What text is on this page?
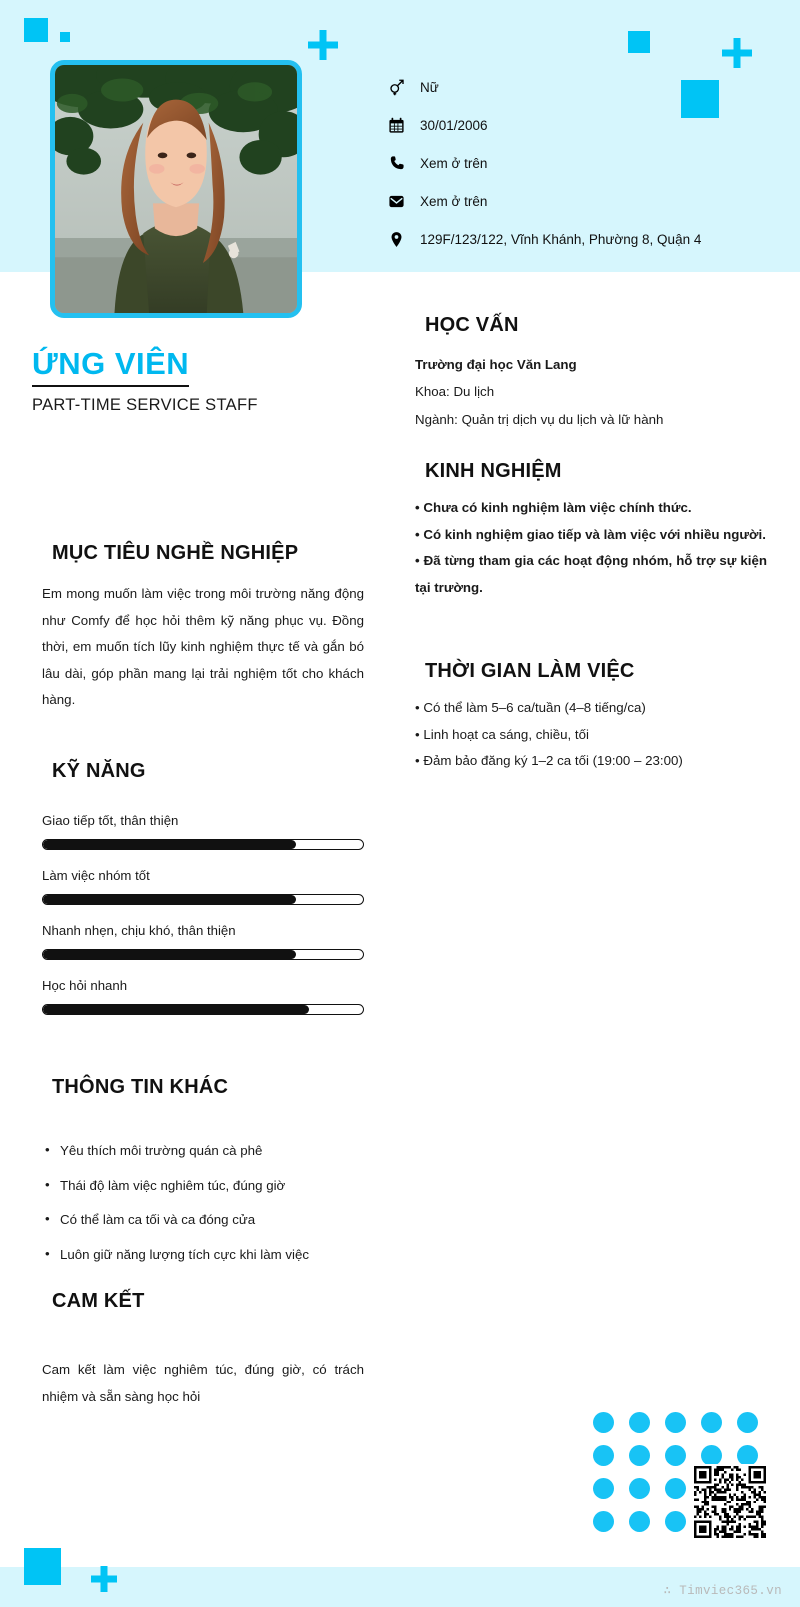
Nữ
30/01/2006
Xem ở trên
Xem ở trên
129F/123/122, Vĩnh Khánh, Phường 8, Quận 4
ỨNG VIÊN
PART-TIME SERVICE STAFF
MỤC TIÊU NGHỀ NGHIỆP
Em mong muốn làm việc trong môi trường năng động như Comfy để học hỏi thêm kỹ năng phục vụ. Đồng thời, em muốn tích lũy kinh nghiệm thực tế và gắn bó lâu dài, góp phần mang lại trải nghiệm tốt cho khách hàng.
KỸ NĂNG
Giao tiếp tốt, thân thiện
Làm việc nhóm tốt
Nhanh nhẹn, chịu khó, thân thiện
Học hỏi nhanh
THÔNG TIN KHÁC
• Yêu thích môi trường quán cà phê
• Thái độ làm việc nghiêm túc, đúng giờ
• Có thể làm ca tối và ca đóng cửa
• Luôn giữ năng lượng tích cực khi làm việc
CAM KẾT
Cam kết làm việc nghiêm túc, đúng giờ, có trách nhiệm và sẵn sàng học hỏi
HỌC VẤN
Trường đại học Văn Lang
Khoa: Du lịch
Ngành: Quản trị dịch vụ du lịch và lữ hành
KINH NGHIỆM
• Chưa có kinh nghiệm làm việc chính thức.
• Có kinh nghiệm giao tiếp và làm việc với nhiều người.
• Đã từng tham gia các hoạt động nhóm, hỗ trợ sự kiện tại trường.
THỜI GIAN LÀM VIỆC
• Có thể làm 5–6 ca/tuần (4–8 tiếng/ca)
• Linh hoạt ca sáng, chiều, tối
• Đảm bảo đăng ký 1–2 ca tối (19:00 – 23:00)
∴ Timviec365.vn
